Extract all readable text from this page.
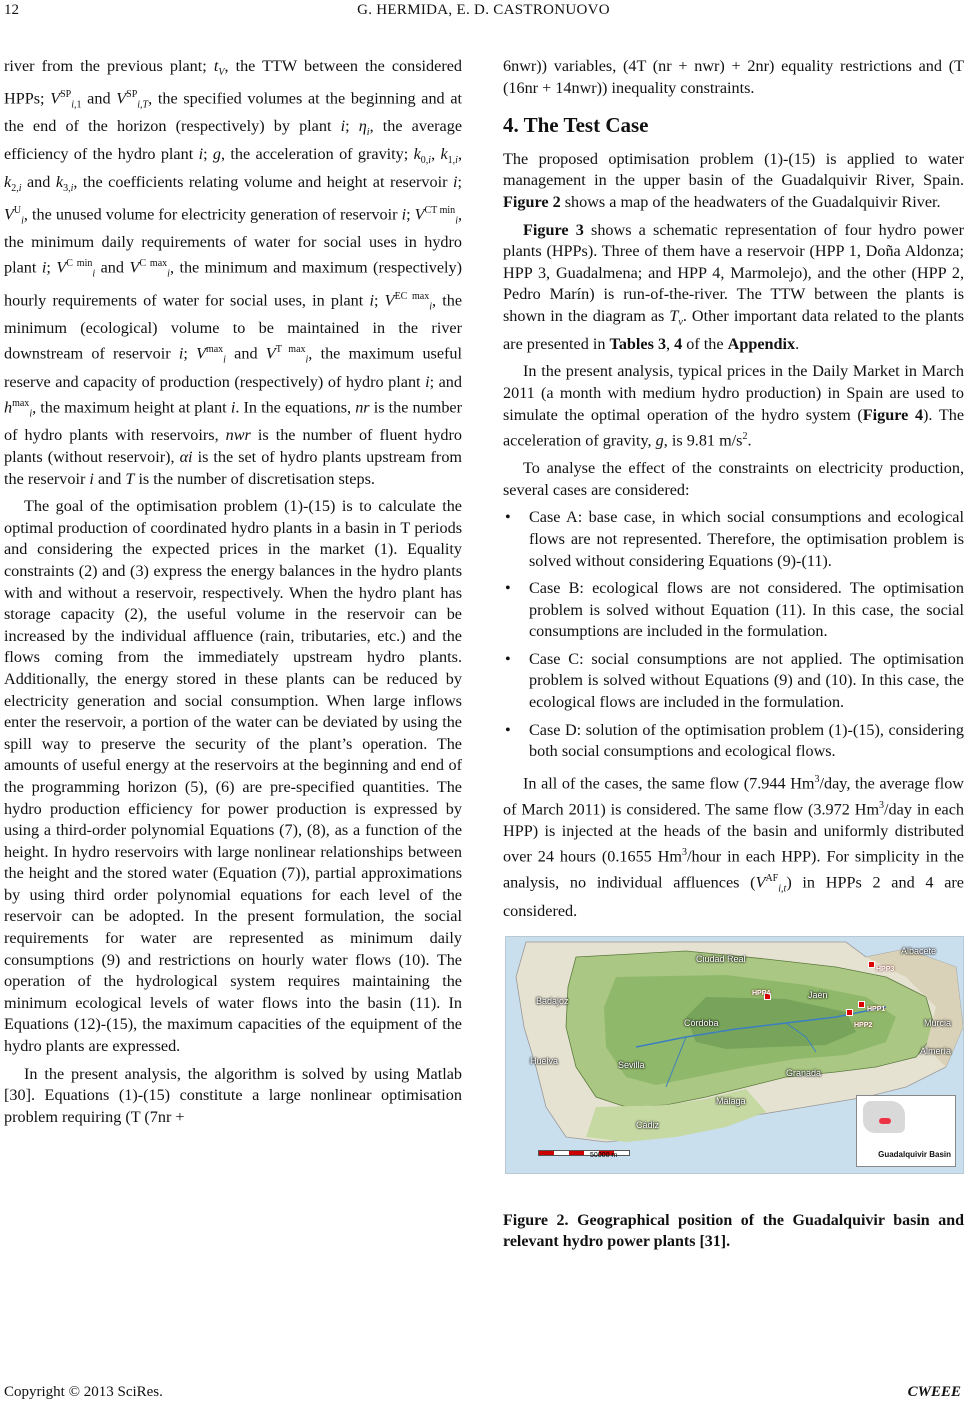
12	G. HERMIDA, E. D. CASTRONUOVO

river from the previous plant; $t_V$, the TTW between the considered HPPs; $V^{SP}_{i,1}$ and $V^{SP}_{i,T}$, the specified volumes at the beginning and at the end of the horizon (respectively) by plant i; $\eta_i$, the average efficiency of the hydro plant i; g, the acceleration of gravity; $k_{0,i}$, $k_{1,i}$, $k_{2,i}$ and $k_{3,i}$, the coefficients relating volume and height at reservoir i; $V^U_i$, the unused volume for electricity generation of reservoir i; $V^{CT min}_i$, the minimum daily requirements of water for social uses in hydro plant i; $V^{C min}_i$ and $V^{C max}_i$, the minimum and maximum (respectively) hourly requirements of water for social uses, in plant i; $V^{EC max}_i$, the minimum (ecological) volume to be maintained in the river downstream of reservoir i; $V^{max}_i$ and $V^{T max}_i$, the maximum useful reserve and capacity of production (respectively) of hydro plant i; and $h^{max}_i$, the maximum height at plant i. In the equations, nr is the number of hydro plants with reservoirs, nwr is the number of fluent hydro plants (without reservoir), αi is the set of hydro plants upstream from the reservoir i and T is the number of discretisation steps.

The goal of the optimisation problem (1)-(15) is to calculate the optimal production of coordinated hydro plants in a basin in T periods and considering the expected prices in the market (1). Equality constraints (2) and (3) express the energy balances in the hydro plants with and without a reservoir, respectively. When the hydro plant has storage capacity (2), the useful volume in the reservoir can be increased by the individual affluence (rain, tributaries, etc.) and the flows coming from the immediately upstream hydro plants. Additionally, the energy stored in these plants can be reduced by electricity generation and social consumption. When large inflows enter the reservoir, a portion of the water can be deviated by using the spill way to preserve the security of the plant’s operation. The amounts of useful energy at the reservoirs at the beginning and end of the programming horizon (5), (6) are pre-specified quantities. The hydro production efficiency for power production is expressed by using a third-order polynomial Equations (7), (8), as a function of the height. In hydro reservoirs with large nonlinear relationships between the height and the stored water (Equation (7)), partial approximations by using third order polynomial equations for each level of the reservoir can be adopted. In the present formulation, the social requirements for water are represented as minimum daily consumptions (9) and restrictions on hourly water flows (10). The operation of the hydrological system requires maintaining the minimum ecological levels of water flows into the basin (11). In Equations (12)-(15), the maximum capacities of the equipment of the hydro plants are expressed.

In the present analysis, the algorithm is solved by using Matlab [30]. Equations (1)-(15) constitute a large nonlinear optimisation problem requiring (T (7nr +

6nwr)) variables, (4T (nr + nwr) + 2nr) equality restrictions and (T (16nr + 14nwr)) inequality constraints.

4. The Test Case

The proposed optimisation problem (1)-(15) is applied to water management in the upper basin of the Guadalquivir River, Spain. Figure 2 shows a map of the headwaters of the Guadalquivir River.

Figure 3 shows a schematic representation of four hydro power plants (HPPs). Three of them have a reservoir (HPP 1, Doña Aldonza; HPP 3, Guadalmena; and HPP 4, Marmolejo), and the other (HPP 2, Pedro Marín) is run-of-the-river. The TTW between the plants is shown in the diagram as $T_v$. Other important data related to the plants are presented in Tables 3, 4 of the Appendix.

In the present analysis, typical prices in the Daily Market in March 2011 (a month with medium hydro production) in Spain are used to simulate the optimal operation of the hydro system (Figure 4). The acceleration of gravity, g, is 9.81 $m/s^2$.

To analyse the effect of the constraints on electricity production, several cases are considered:

• Case A: base case, in which social consumptions and ecological flows are not represented. Therefore, the optimisation problem is solved without considering Equations (9)-(11).
• Case B: ecological flows are not considered. The optimisation problem is solved without Equation (11). In this case, the social consumptions are included in the formulation.
• Case C: social consumptions are not applied. The optimisation problem is solved without Equations (9) and (10). In this case, the ecological flows are included in the formulation.
• Case D: solution of the optimisation problem (1)-(15), considering both social consumptions and ecological flows.

In all of the cases, the same flow (7.944 Hm$^3$/day, the average flow of March 2011) is considered. The same flow (3.972 Hm$^3$/day in each HPP) is injected at the heads of the basin and uniformly distributed over 24 hours (0.1655 Hm$^3$/hour in each HPP). For simplicity in the analysis, no individual affluences $(V^{AF}_{i,t})$ in HPPs 2 and 4 are considered.

Ciudad Real
Albacete
Badajoz
Jaén
Córdoba	Murcia
Almería
Huelva	Sevilla
Málaga
Granada
Cádiz
HPP3
HPP4
HPP1
HPP2
50000 m	Guadalquivir Basin
Figure 2. Geographical position of the Guadalquivir basin and relevant hydro power plants [31].
Copyright © 2013 SciRes.	CWEEE
